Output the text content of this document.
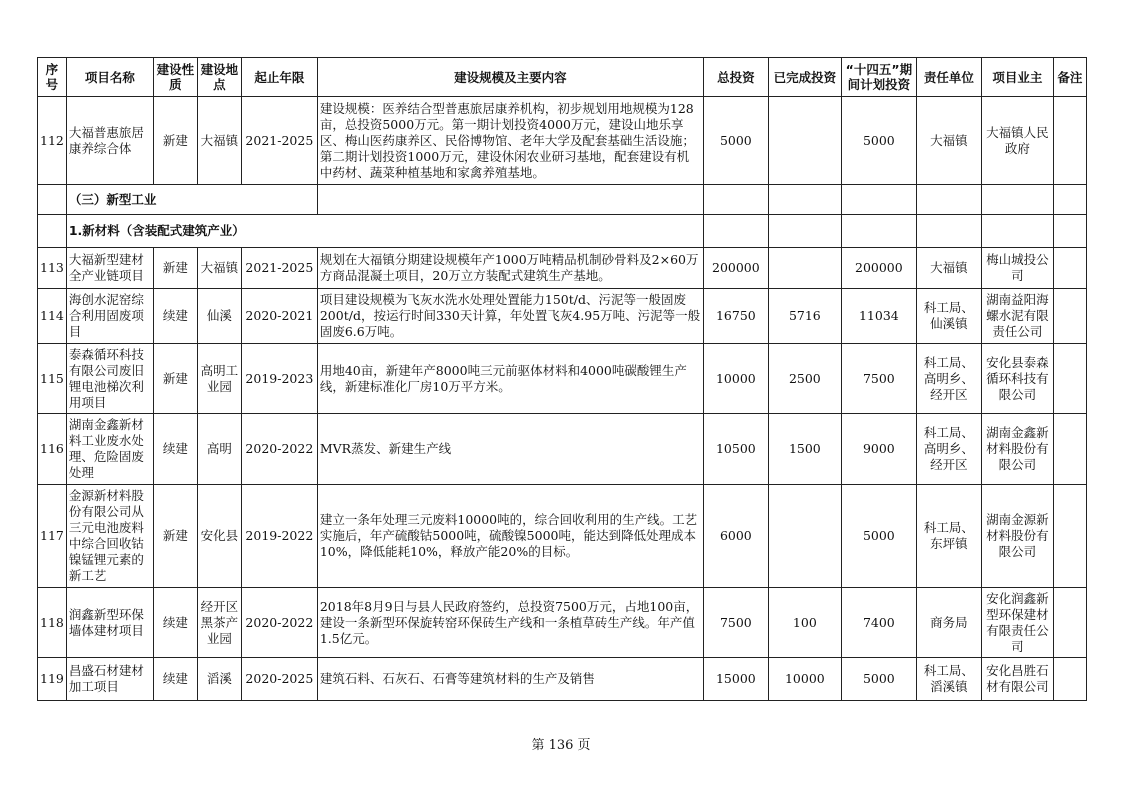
序号	项目名称	建设性质	建设地点	起止年限	建设规模及主要内容	总投资	已完成投资	“十四五”期间计划投资	责任单位	项目业主	备注
112	大福普惠旅居康养综合体	新建	大福镇	2021-2025	建设规模：医养结合型普惠旅居康养机构，初步规划用地规模为128亩，总投资5000万元。第一期计划投资4000万元，建设山地乐享区、梅山医药康养区、民俗博物馆、老年大学及配套基础生活设施；第二期计划投资1000万元，建设休闲农业研习基地，配套建设有机中药材、蔬菜种植基地和家禽养殖基地。	5000		5000	大福镇	大福镇人民政府	
	（三）新型工业										
	1.新材料（含装配式建筑产业）										
113	大福新型建材全产业链项目	新建	大福镇	2021-2025	规划在大福镇分期建设规模年产1000万吨精品机制砂骨料及2×60万方商品混凝土项目，20万立方装配式建筑生产基地。	200000		200000	大福镇	梅山城投公司	
114	海创水泥窑综合利用固废项目	续建	仙溪	2020-2021	项目建设规模为飞灰水洗水处理处置能力150t/d、污泥等一般固废200t/d，按运行时间330天计算，年处置飞灰4.95万吨、污泥等一般固废6.6万吨。	16750	5716	11034	科工局、仙溪镇	湖南益阳海螺水泥有限责任公司	
115	泰森循环科技有限公司废旧锂电池梯次利用项目	新建	高明工业园	2019-2023	用地40亩，新建年产8000吨三元前驱体材料和4000吨碳酸锂生产线，新建标准化厂房10万平方米。	10000	2500	7500	科工局、高明乡、经开区	安化县泰森循环科技有限公司	
116	湖南金鑫新材料工业废水处理、危险固废处理	续建	高明	2020-2022	MVR蒸发、新建生产线	10500	1500	9000	科工局、高明乡、经开区	湖南金鑫新材料股份有限公司	
117	金源新材料股份有限公司从三元电池废料中综合回收钴镍锰锂元素的新工艺	新建	安化县	2019-2022	建立一条年处理三元废料10000吨的，综合回收利用的生产线。工艺实施后，年产硫酸钴5000吨，硫酸镍5000吨，能达到降低处理成本10%，降低能耗10%，释放产能20%的目标。	6000		5000	科工局、东坪镇	湖南金源新材料股份有限公司	
118	润鑫新型环保墙体建材项目	续建	经开区黑茶产业园	2020-2022	2018年8月9日与县人民政府签约，总投资7500万元，占地100亩，建设一条新型环保旋转窑环保砖生产线和一条植草砖生产线。年产值1.5亿元。	7500	100	7400	商务局	安化润鑫新型环保建材有限责任公司	
119	昌盛石材建材加工项目	续建	滔溪	2020-2025	建筑石料、石灰石、石膏等建筑材料的生产及销售	15000	10000	5000	科工局、滔溪镇	安化昌胜石材有限公司	
第 136 页
